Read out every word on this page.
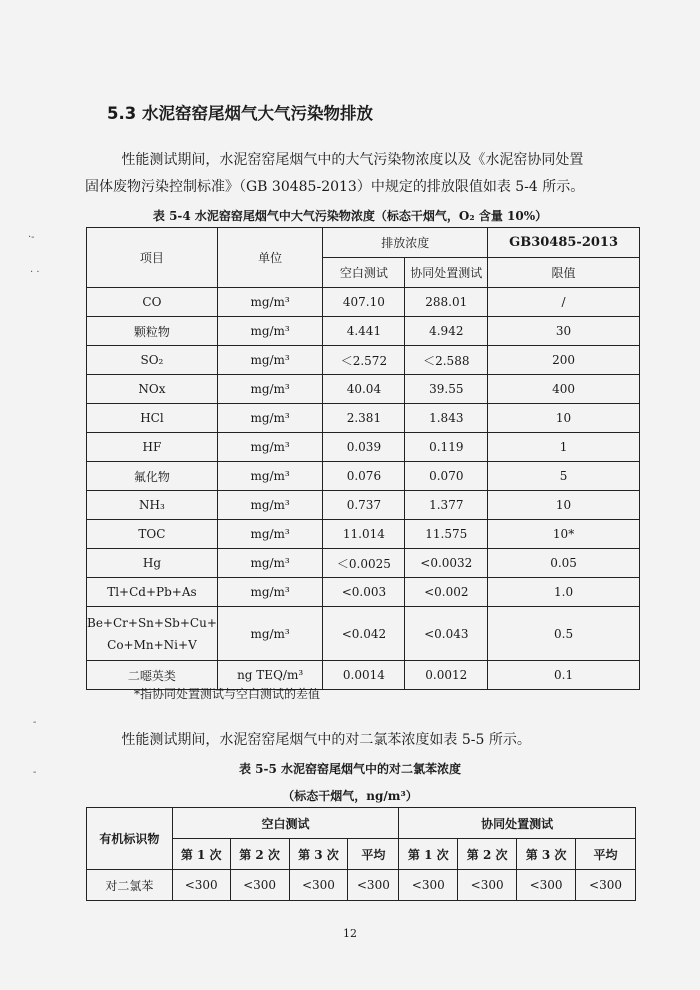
·-
· ·
5.3 水泥窑窑尾烟气大气污染物排放

性能测试期间，水泥窑窑尾烟气中的大气污染物浓度以及《水泥窑协同处置

固体废物污染控制标准》（GB 30485-2013）中规定的排放限值如表 5-4 所示。

表 5-4 水泥窑窑尾烟气中大气污染物浓度（标态干烟气，O₂ 含量 10%）
项目	单位	排放浓度		GB30485-2013
		空白测试	协同处置测试	限值
CO	mg/m³	407.10	288.01	/
颗粒物	mg/m³	4.441	4.942	30
SO₂	mg/m³	＜2.572	＜2.588	200
NOx	mg/m³	40.04	39.55	400
HCl	mg/m³	2.381	1.843	10
HF	mg/m³	0.039	0.119	1
氟化物	mg/m³	0.076	0.070	5
NH₃	mg/m³	0.737	1.377	10
TOC	mg/m³	11.014	11.575	10*
Hg	mg/m³	＜0.0025	<0.0032	0.05
Tl+Cd+Pb+As	mg/m³	<0.003	<0.002	1.0

Be+Cr+Sn+Sb+Cu+
Co+Mn+Ni+V	mg/m³	<0.042	<0.043	0.5
二噁英类	ng TEQ/m³	0.0014	0.0012	0.1
*指协同处置测试与空白测试的差值
-
-

性能测试期间，水泥窑窑尾烟气中的对二氯苯浓度如表 5-5 所示。

表 5-5 水泥窑窑尾烟气中的对二氯苯浓度
（标态干烟气，ng/m³）
有机标识物	空白测试				协同处置测试			
	第 1 次	第 2 次	第 3 次	平均	第 1 次	第 2 次	第 3 次	平均
对二氯苯	<300	<300	<300	<300	<300	<300	<300	<300
12
